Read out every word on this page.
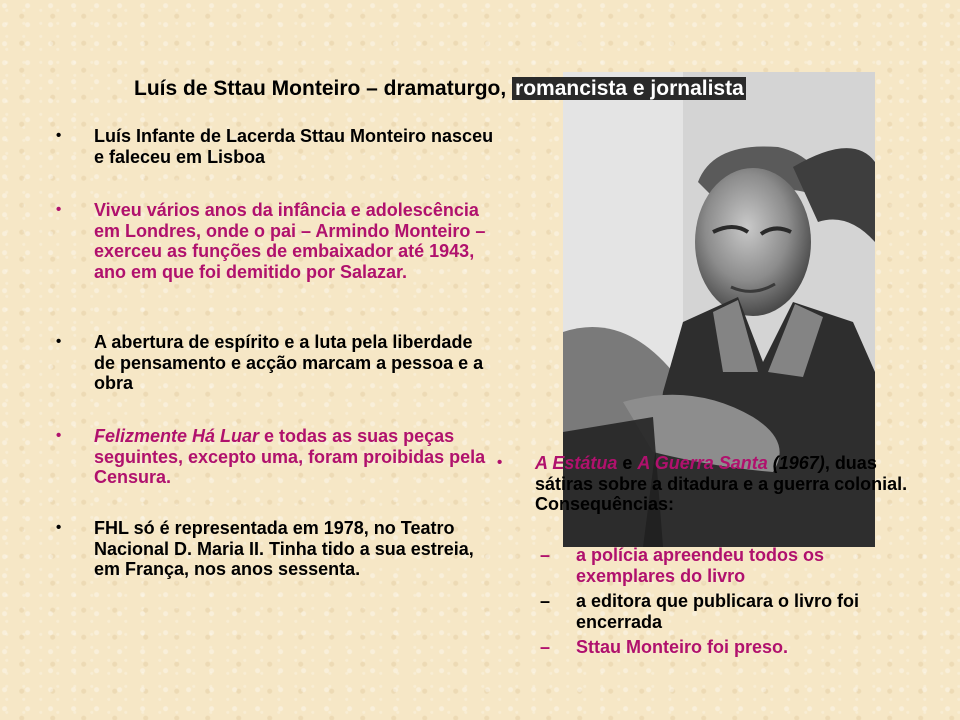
Luís de Sttau Monteiro – dramaturgo, romancista e jornalista
• Luís Infante de Lacerda Sttau Monteiro nasceu e faleceu em Lisboa
• Viveu vários anos da infância e adolescência em Londres, onde o pai – Armindo Monteiro – exerceu as funções de embaixador até 1943, ano em que foi demitido por Salazar.
• A abertura de espírito e a luta pela liberdade de pensamento e acção marcam a pessoa e a obra
• Felizmente Há Luar e todas as suas peças seguintes, excepto uma, foram proibidas pela Censura.
• FHL só é representada em 1978, no Teatro Nacional D. Maria II. Tinha tido a sua estreia, em França, nos anos sessenta.
• A Estátua e A Guerra Santa (1967), duas sátiras sobre a ditadura e a guerra colonial. Consequências:
– a polícia apreendeu todos os exemplares do livro
– a editora que publicara o livro foi encerrada
– Sttau Monteiro foi preso.
